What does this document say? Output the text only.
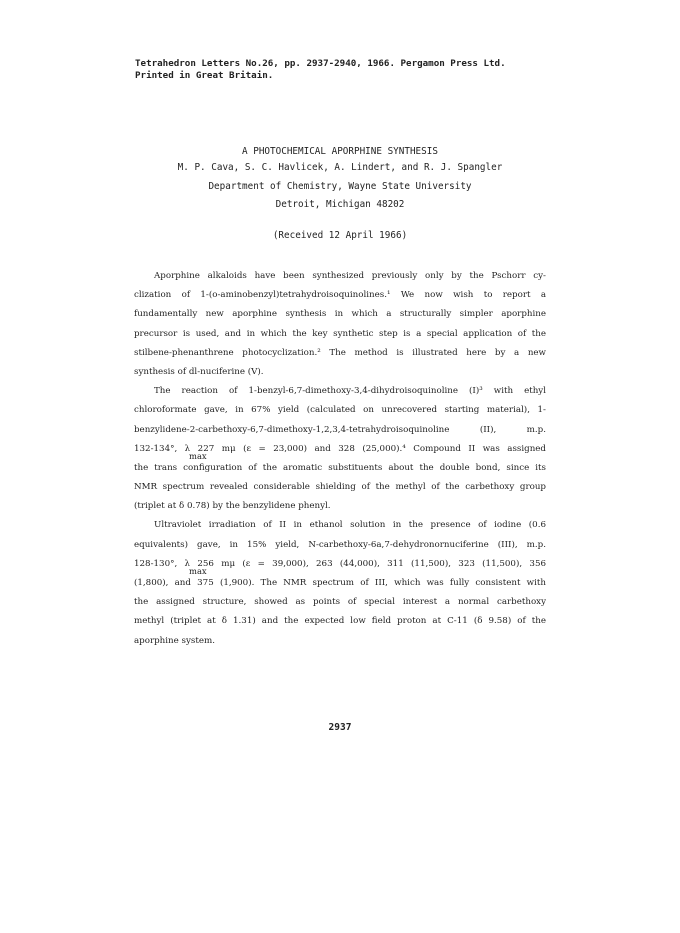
Tetrahedron Letters No.26, pp. 2937-2940, 1966. Pergamon Press Ltd.
Printed in Great Britain.
A PHOTOCHEMICAL APORPHINE SYNTHESIS
M. P. Cava, S. C. Havlicek, A. Lindert, and R. J. Spangler
Department of Chemistry, Wayne State University
Detroit, Michigan 48202
(Received 12 April 1966)

Aporphine alkaloids have been synthesized previously only by the Pschorr cy-
clization of 1-(o-aminobenzyl)tetrahydroisoquinolines.¹ We now wish to report a
fundamentally new aporphine synthesis in which a structurally simpler aporphine
precursor is used, and in which the key synthetic step is a special application of the
stilbene-phenanthrene photocyclization.² The method is illustrated here by a new
synthesis of dl-nuciferine (V).

The reaction of 1-benzyl-6,7-dimethoxy-3,4-dihydroisoquinoline (I)³ with ethyl
chloroformate gave, in 67% yield (calculated on unrecovered starting material), 1-
benzylidene-2-carbethoxy-6,7-dimethoxy-1,2,3,4-tetrahydroisoquinoline (II), m.p.
132-134°, λ 227 mμ (ε = 23,000) and 328 (25,000).⁴ Compound II was assigned
max
the trans configuration of the aromatic substituents about the double bond, since its
NMR spectrum revealed considerable shielding of the methyl of the carbethoxy group
(triplet at δ 0.78) by the benzylidene phenyl.

Ultraviolet irradiation of II in ethanol solution in the presence of iodine (0.6
equivalents) gave, in 15% yield, N-carbethoxy-6a,7-dehydronornuciferine (III), m.p.
128-130°, λ 256 mμ (ε = 39,000), 263 (44,000), 311 (11,500), 323 (11,500), 356
max
(1,800), and 375 (1,900). The NMR spectrum of III, which was fully consistent with
the assigned structure, showed as points of special interest a normal carbethoxy
methyl (triplet at δ 1.31) and the expected low field proton at C-11 (δ 9.58) of the
aporphine system.

2937
